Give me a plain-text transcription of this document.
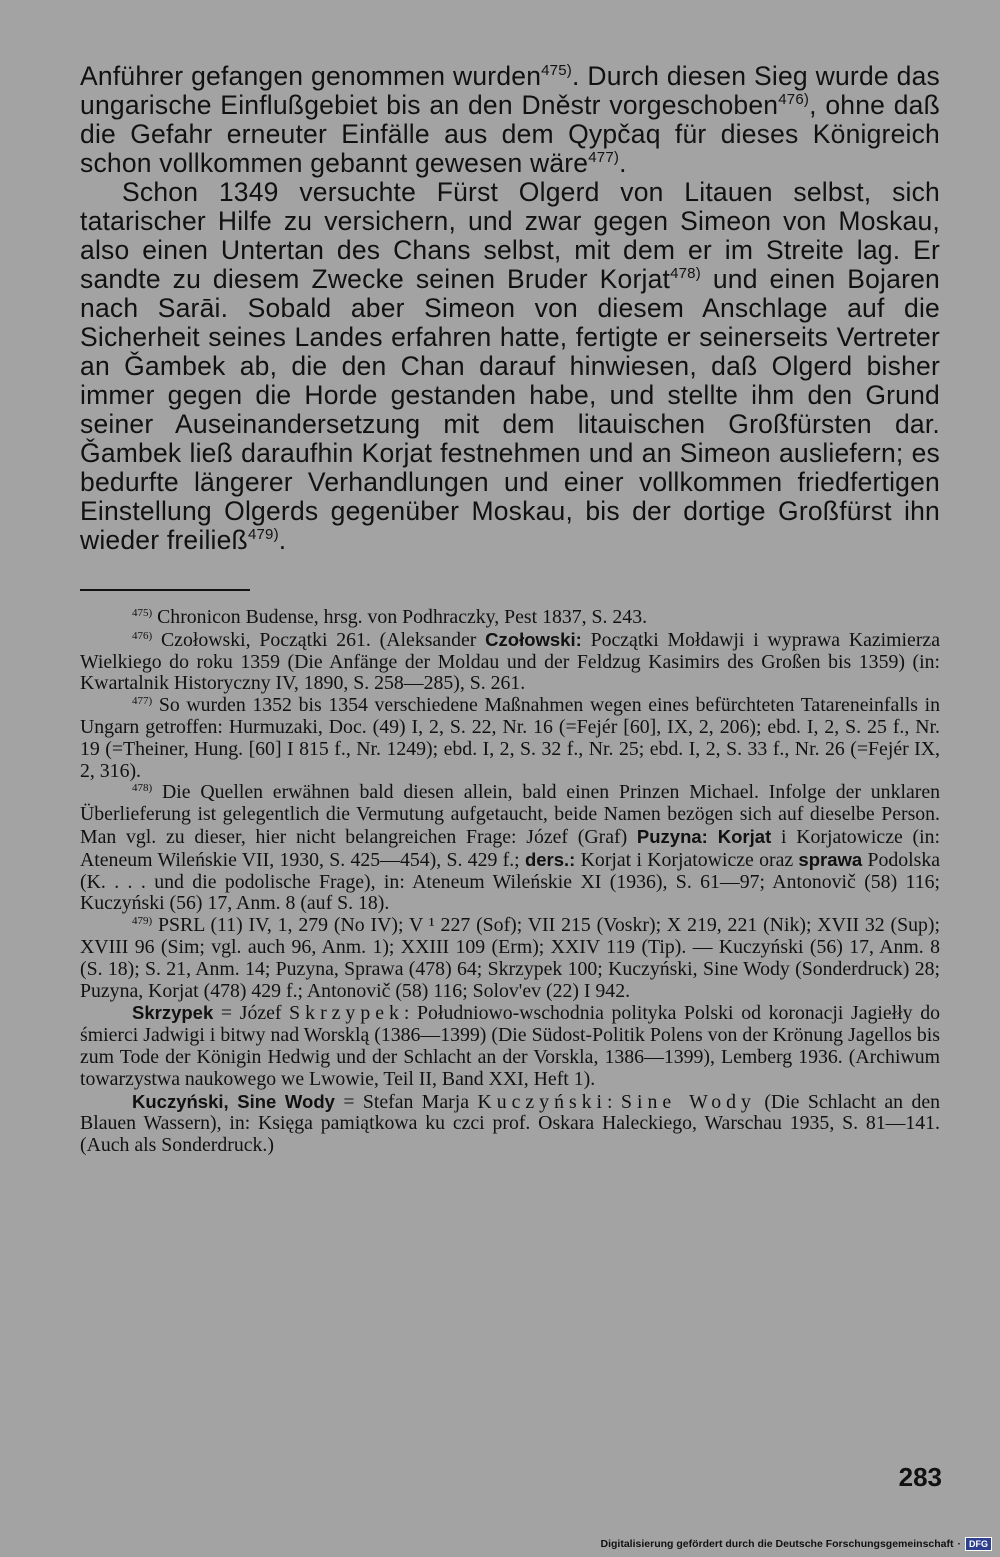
Anführer gefangen genommen wurden$^{475)}$. Durch diesen Sieg wurde das ungarische Einflußgebiet bis an den Dněstr vorgeschoben$^{476)}$, ohne daß die Gefahr erneuter Einfälle aus dem Qypčaq für dieses Königreich schon vollkommen gebannt gewesen wäre$^{477)}$.

Schon 1349 versuchte Fürst Olgerd von Litauen selbst, sich tatarischer Hilfe zu versichern, und zwar gegen Simeon von Moskau, also einen Untertan des Chans selbst, mit dem er im Streite lag. Er sandte zu diesem Zwecke seinen Bruder Korjat$^{478)}$ und einen Bojaren nach Sarāi. Sobald aber Simeon von diesem Anschlage auf die Sicherheit seines Landes erfahren hatte, fertigte er seinerseits Vertreter an Ǧambek ab, die den Chan darauf hinwiesen, daß Olgerd bisher immer gegen die Horde gestanden habe, und stellte ihm den Grund seiner Auseinandersetzung mit dem litauischen Großfürsten dar. Ǧambek ließ daraufhin Korjat festnehmen und an Simeon ausliefern; es bedurfte längerer Verhandlungen und einer vollkommen friedfertigen Einstellung Olgerds gegenüber Moskau, bis der dortige Großfürst ihn wieder freiließ$^{479)}$.

$^{475)}$ Chronicon Budense, hrsg. von Podhraczky, Pest 1837, S. 243.

$^{476)}$ Czołowski, Początki 261. (Aleksander Czołowski: Początki Mołdawji i wyprawa Kazimierza Wielkiego do roku 1359 (Die Anfänge der Moldau und der Feldzug Kasimirs des Großen bis 1359) (in: Kwartalnik Historyczny IV, 1890, S. 258—285), S. 261.

$^{477)}$ So wurden 1352 bis 1354 verschiedene Maßnahmen wegen eines befürchteten Tatareneinfalls in Ungarn getroffen: Hurmuzaki, Doc. (49) I, 2, S. 22, Nr. 16 (=Fejér [60], IX, 2, 206); ebd. I, 2, S. 25 f., Nr. 19 (=Theiner, Hung. [60] I 815 f., Nr. 1249); ebd. I, 2, S. 32 f., Nr. 25; ebd. I, 2, S. 33 f., Nr. 26 (=Fejér IX, 2, 316).

$^{478)}$ Die Quellen erwähnen bald diesen allein, bald einen Prinzen Michael. Infolge der unklaren Überlieferung ist gelegentlich die Vermutung aufgetaucht, beide Namen bezögen sich auf dieselbe Person. Man vgl. zu dieser, hier nicht belangreichen Frage: Józef (Graf) Puzyna: Korjat i Korjatowicze (in: Ateneum Wileńskie VII, 1930, S. 425—454), S. 429 f.; ders.: Korjat i Korjatowicze oraz sprawa Podolska (K. . . . und die podolische Frage), in: Ateneum Wileńskie XI (1936), S. 61—97; Antonovič (58) 116; Kuczyński (56) 17, Anm. 8 (auf S. 18).

$^{479)}$ PSRL (11) IV, 1, 279 (No IV); V ¹ 227 (Sof); VII 215 (Voskr); X 219, 221 (Nik); XVII 32 (Sup); XVIII 96 (Sim; vgl. auch 96, Anm. 1); XXIII 109 (Erm); XXIV 119 (Tip). — Kuczyński (56) 17, Anm. 8 (S. 18); S. 21, Anm. 14; Puzyna, Sprawa (478) 64; Skrzypek 100; Kuczyński, Sine Wody (Sonderdruck) 28; Puzyna, Korjat (478) 429 f.; Antonovič (58) 116; Solov'ev (22) I 942.

Skrzypek = Józef Skrzypek: Południowo-wschodnia polityka Polski od koronacji Jagiełły do śmierci Jadwigi i bitwy nad Worsklą (1386—1399) (Die Südost-Politik Polens von der Krönung Jagellos bis zum Tode der Königin Hedwig und der Schlacht an der Vorskla, 1386—1399), Lemberg 1936. (Archiwum towarzystwa naukowego we Lwowie, Teil II, Band XXI, Heft 1).

Kuczyński, Sine Wody = Stefan Marja Kuczyński: Sine Wody (Die Schlacht an den Blauen Wassern), in: Księga pamiątkowa ku czci prof. Oskara Haleckiego, Warschau 1935, S. 81—141. (Auch als Sonderdruck.)

283
Digitalisierung gefördert durch die Deutsche Forschungsgemeinschaft · DFG
